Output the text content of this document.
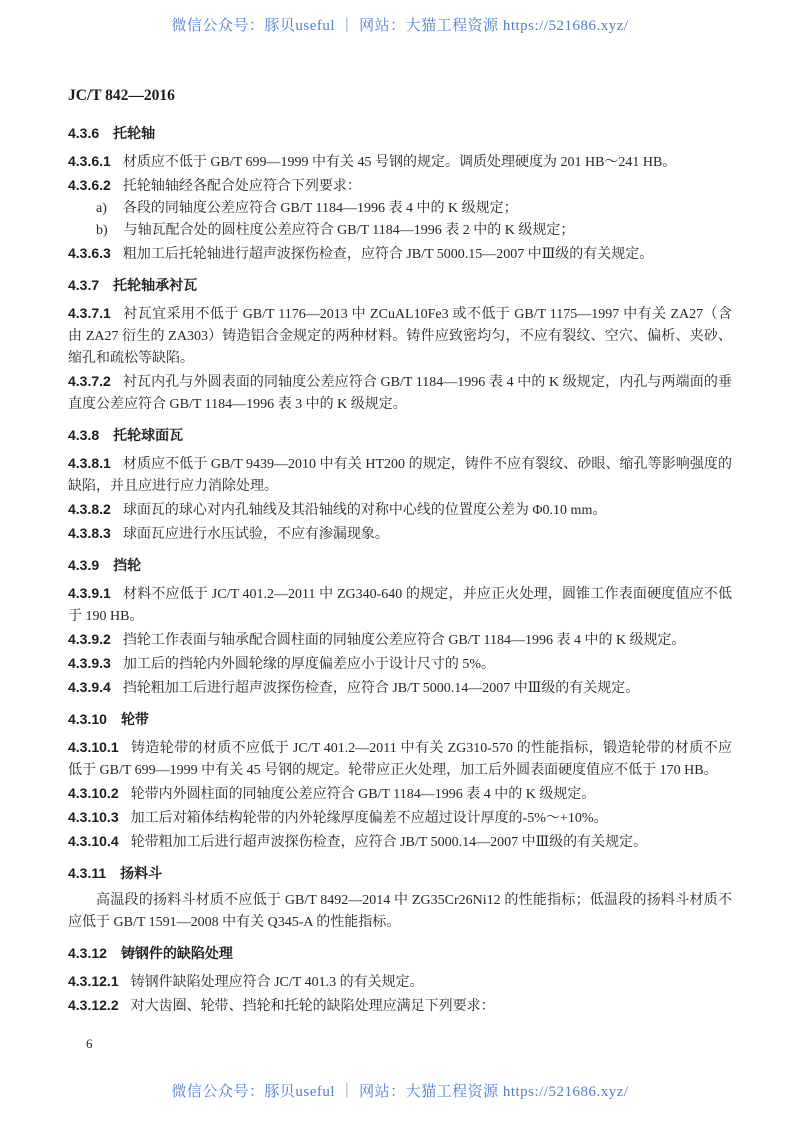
微信公众号：豚贝useful ｜ 网站：大猫工程资源 https://521686.xyz/
JC/T 842—2016

4.3.6 托轮轴

4.3.6.1 材质应不低于 GB/T 699—1999 中有关 45 号钢的规定。调质处理硬度为 201 HB～241 HB。

4.3.6.2 托轮轴轴经各配合处应符合下列要求：

a) 各段的同轴度公差应符合 GB/T 1184—1996 表 4 中的 K 级规定；

b) 与轴瓦配合处的圆柱度公差应符合 GB/T 1184—1996 表 2 中的 K 级规定；

4.3.6.3 粗加工后托轮轴进行超声波探伤检查，应符合 JB/T 5000.15—2007 中Ⅲ级的有关规定。

4.3.7 托轮轴承衬瓦

4.3.7.1 衬瓦宜采用不低于 GB/T 1176—2013 中 ZCuAL10Fe3 或不低于 GB/T 1175—1997 中有关 ZA27（含由 ZA27 衍生的 ZA303）铸造铝合金规定的两种材料。铸件应致密均匀，不应有裂纹、空穴、偏析、夹砂、缩孔和疏松等缺陷。

4.3.7.2 衬瓦内孔与外圆表面的同轴度公差应符合 GB/T 1184—1996 表 4 中的 K 级规定，内孔与两端面的垂直度公差应符合 GB/T 1184—1996 表 3 中的 K 级规定。

4.3.8 托轮球面瓦

4.3.8.1 材质应不低于 GB/T 9439—2010 中有关 HT200 的规定，铸件不应有裂纹、砂眼、缩孔等影响强度的缺陷，并且应进行应力消除处理。

4.3.8.2 球面瓦的球心对内孔轴线及其沿轴线的对称中心线的位置度公差为 Φ0.10 mm。

4.3.8.3 球面瓦应进行水压试验，不应有渗漏现象。

4.3.9 挡轮

4.3.9.1 材料不应低于 JC/T 401.2—2011 中 ZG340-640 的规定，并应正火处理，圆锥工作表面硬度值应不低于 190 HB。

4.3.9.2 挡轮工作表面与轴承配合圆柱面的同轴度公差应符合 GB/T 1184—1996 表 4 中的 K 级规定。

4.3.9.3 加工后的挡轮内外圆轮缘的厚度偏差应小于设计尺寸的 5%。

4.3.9.4 挡轮粗加工后进行超声波探伤检查，应符合 JB/T 5000.14—2007 中Ⅲ级的有关规定。

4.3.10 轮带

4.3.10.1 铸造轮带的材质不应低于 JC/T 401.2—2011 中有关 ZG310-570 的性能指标，锻造轮带的材质不应低于 GB/T 699—1999 中有关 45 号钢的规定。轮带应正火处理，加工后外圆表面硬度值应不低于 170 HB。

4.3.10.2 轮带内外圆柱面的同轴度公差应符合 GB/T 1184—1996 表 4 中的 K 级规定。

4.3.10.3 加工后对箱体结构轮带的内外轮缘厚度偏差不应超过设计厚度的-5%～+10%。

4.3.10.4 轮带粗加工后进行超声波探伤检查，应符合 JB/T 5000.14—2007 中Ⅲ级的有关规定。

4.3.11 扬料斗

高温段的扬料斗材质不应低于 GB/T 8492—2014 中 ZG35Cr26Ni12 的性能指标；低温段的扬料斗材质不应低于 GB/T 1591—2008 中有关 Q345-A 的性能指标。

4.3.12 铸钢件的缺陷处理

4.3.12.1 铸钢件缺陷处理应符合 JC/T 401.3 的有关规定。

4.3.12.2 对大齿圈、轮带、挡轮和托轮的缺陷处理应满足下列要求：

6
微信公众号：豚贝useful ｜ 网站：大猫工程资源 https://521686.xyz/
